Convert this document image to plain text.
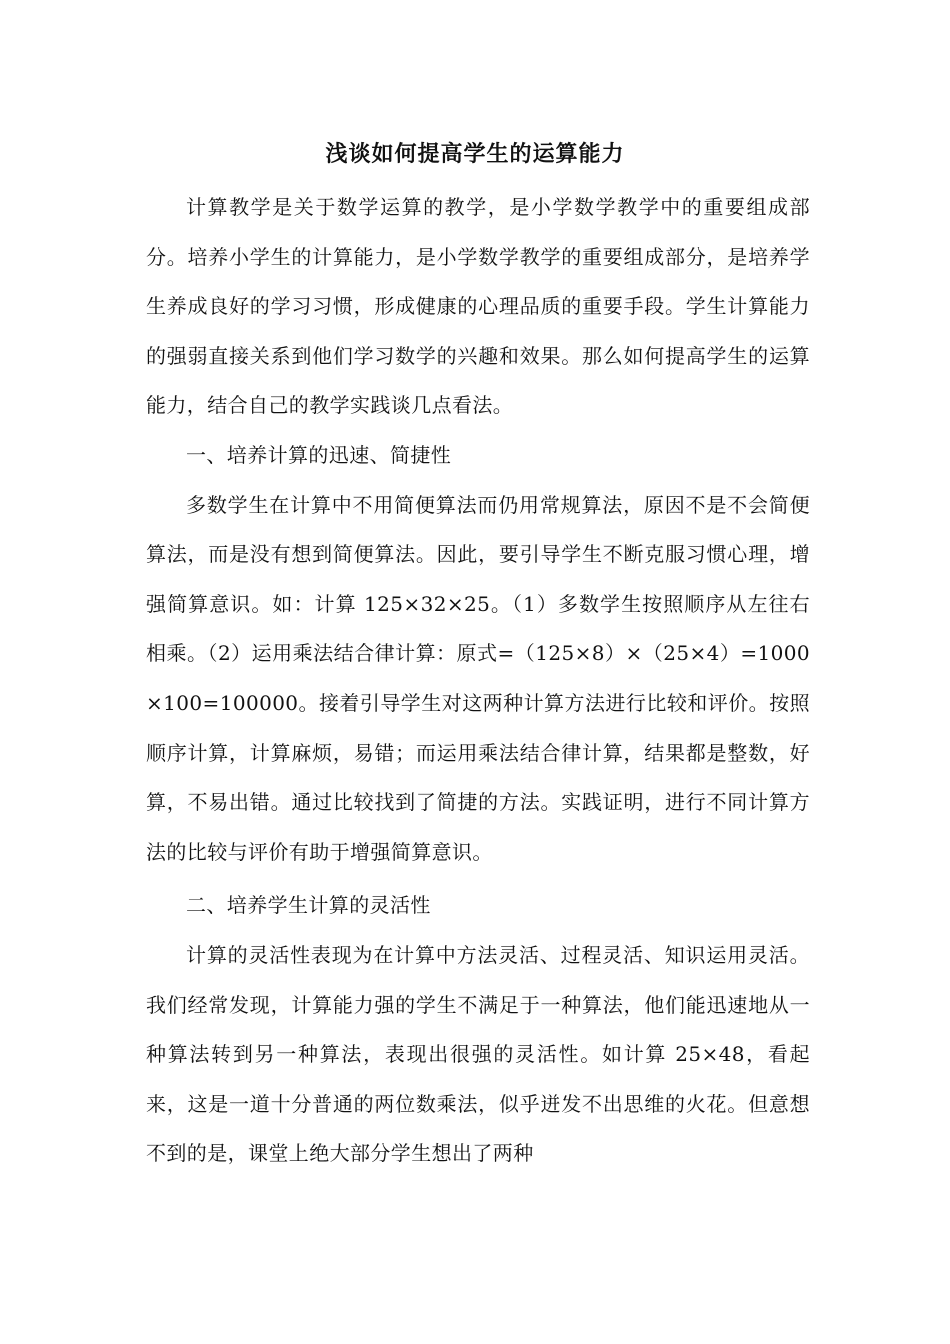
浅谈如何提高学生的运算能力

计算教学是关于数学运算的教学，是小学数学教学中的重要组成部分。培养小学生的计算能力，是小学数学教学的重要组成部分，是培养学生养成良好的学习习惯，形成健康的心理品质的重要手段。学生计算能力的强弱直接关系到他们学习数学的兴趣和效果。那么如何提高学生的运算能力，结合自己的教学实践谈几点看法。

一、培养计算的迅速、简捷性

多数学生在计算中不用简便算法而仍用常规算法，原因不是不会简便算法，而是没有想到简便算法。因此，要引导学生不断克服习惯心理，增强简算意识。如：计算 125×32×25。（1）多数学生按照顺序从左往右相乘。（2）运用乘法结合律计算：原式=（125×8）×（25×4）=1000×100=100000。接着引导学生对这两种计算方法进行比较和评价。按照顺序计算，计算麻烦，易错；而运用乘法结合律计算，结果都是整数，好算，不易出错。通过比较找到了简捷的方法。实践证明，进行不同计算方法的比较与评价有助于增强简算意识。

二、培养学生计算的灵活性

计算的灵活性表现为在计算中方法灵活、过程灵活、知识运用灵活。我们经常发现，计算能力强的学生不满足于一种算法，他们能迅速地从一种算法转到另一种算法，表现出很强的灵活性。如计算 25×48，看起来，这是一道十分普通的两位数乘法，似乎迸发不出思维的火花。但意想不到的是，课堂上绝大部分学生想出了两种
